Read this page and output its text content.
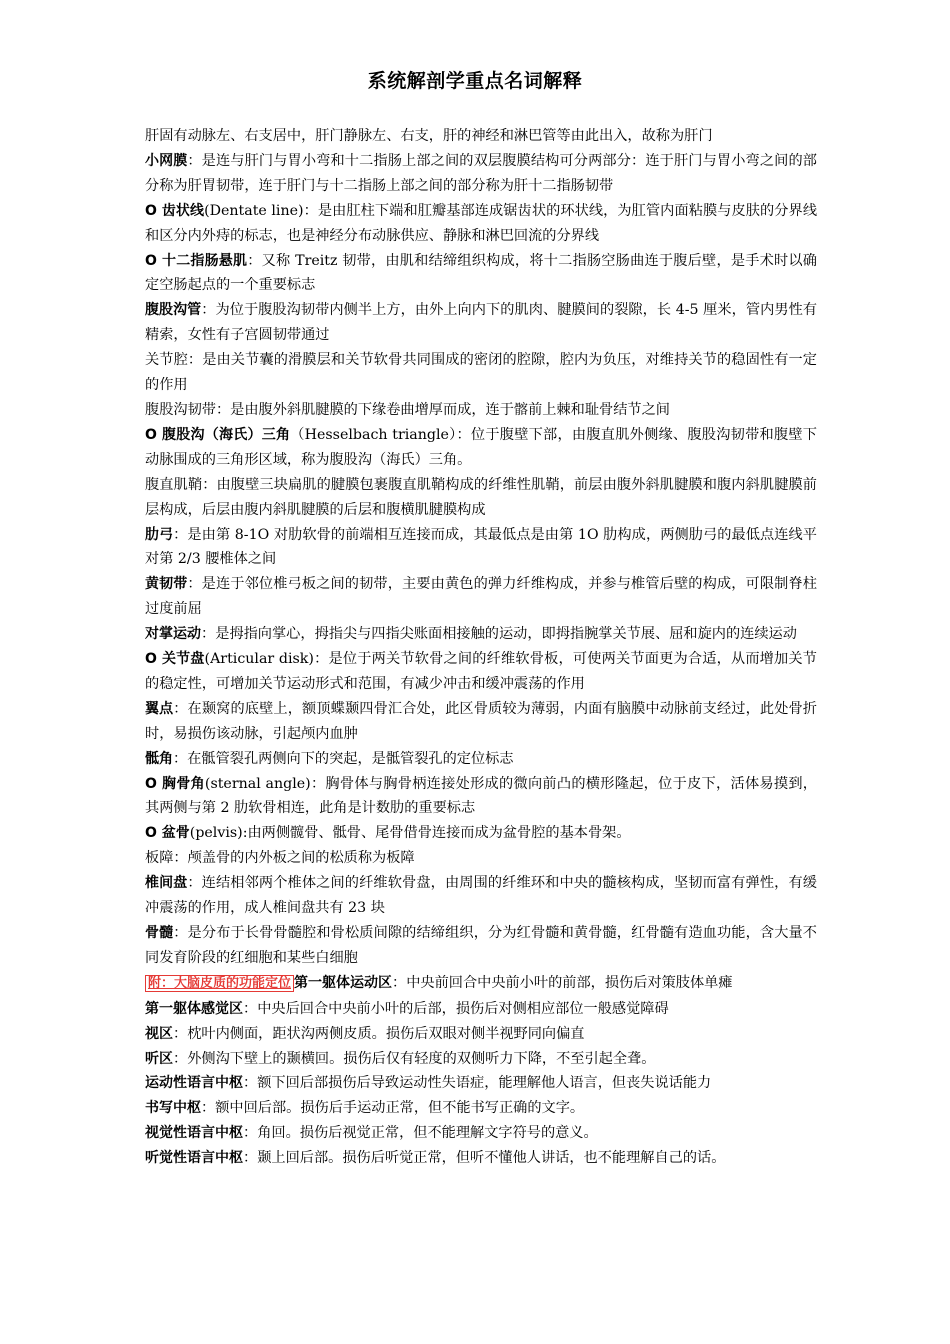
系统解剖学重点名词解释

肝固有动脉左、右支居中，肝门静脉左、右支，肝的神经和淋巴管等由此出入，故称为肝门

小网膜：是连与肝门与胃小弯和十二指肠上部之间的双层腹膜结构可分两部分：连于肝门与胃小弯之间的部分称为肝胃韧带，连于肝门与十二指肠上部之间的部分称为肝十二指肠韧带

O 齿状线(Dentate line)：是由肛柱下端和肛瓣基部连成锯齿状的环状线，为肛管内面粘膜与皮肤的分界线和区分内外痔的标志，也是神经分布动脉供应、静脉和淋巴回流的分界线

O 十二指肠悬肌：又称 Treitz 韧带，由肌和结缔组织构成，将十二指肠空肠曲连于腹后壁，是手术时以确定空肠起点的一个重要标志

腹股沟管：为位于腹股沟韧带内侧半上方，由外上向内下的肌肉、腱膜间的裂隙，长 4-5 厘米，管内男性有精索，女性有子宫圆韧带通过

关节腔：是由关节囊的滑膜层和关节软骨共同围成的密闭的腔隙，腔内为负压，对维持关节的稳固性有一定的作用

腹股沟韧带：是由腹外斜肌腱膜的下缘卷曲增厚而成，连于髂前上棘和耻骨结节之间

O 腹股沟（海氏）三角（Hesselbach triangle）：位于腹壁下部，由腹直肌外侧缘、腹股沟韧带和腹壁下动脉围成的三角形区域，称为腹股沟（海氏）三角。

腹直肌鞘：由腹壁三块扁肌的腱膜包裹腹直肌鞘构成的纤维性肌鞘，前层由腹外斜肌腱膜和腹内斜肌腱膜前层构成，后层由腹内斜肌腱膜的后层和腹横肌腱膜构成

肋弓：是由第 8-1O 对肋软骨的前端相互连接而成，其最低点是由第 1O 肋构成，两侧肋弓的最低点连线平对第 2/3 腰椎体之间

黄韧带：是连于邻位椎弓板之间的韧带，主要由黄色的弹力纤维构成，并参与椎管后壁的构成，可限制脊柱过度前屈

对掌运动：是拇指向掌心，拇指尖与四指尖账面相接触的运动，即拇指腕掌关节展、屈和旋内的连续运动

O 关节盘(Articular disk)：是位于两关节软骨之间的纤维软骨板，可使两关节面更为合适，从而增加关节的稳定性，可增加关节运动形式和范围，有减少冲击和缓冲震荡的作用

翼点：在颞窝的底壁上，额顶蝶颞四骨汇合处，此区骨质较为薄弱，内面有脑膜中动脉前支经过，此处骨折时，易损伤该动脉，引起颅内血肿

骶角：在骶管裂孔两侧向下的突起，是骶管裂孔的定位标志

O 胸骨角(sternal angle)：胸骨体与胸骨柄连接处形成的微向前凸的横形隆起，位于皮下，活体易摸到，其两侧与第 2 肋软骨相连，此角是计数肋的重要标志

O 盆骨(pelvis):由两侧髋骨、骶骨、尾骨借骨连接而成为盆骨腔的基本骨架。

板障：颅盖骨的内外板之间的松质称为板障

椎间盘：连结相邻两个椎体之间的纤维软骨盘，由周围的纤维环和中央的髓核构成，坚韧而富有弹性，有缓冲震荡的作用，成人椎间盘共有 23 块

骨髓：是分布于长骨骨髓腔和骨松质间隙的结缔组织，分为红骨髓和黄骨髓，红骨髓有造血功能，含大量不同发育阶段的红细胞和某些白细胞

附：大脑皮质的功能定位 第一躯体运动区：中央前回合中央前小叶的前部，损伤后对策肢体单瘫

第一躯体感觉区：中央后回合中央前小叶的后部，损伤后对侧相应部位一般感觉障碍

视区：枕叶内侧面，距状沟两侧皮质。损伤后双眼对侧半视野同向偏直

听区：外侧沟下壁上的颞横回。损伤后仅有轻度的双侧听力下降，不至引起全聋。

运动性语言中枢：额下回后部损伤后导致运动性失语症，能理解他人语言，但丧失说话能力

书写中枢：额中回后部。损伤后手运动正常，但不能书写正确的文字。

视觉性语言中枢：角回。损伤后视觉正常，但不能理解文字符号的意义。

听觉性语言中枢：颞上回后部。损伤后听觉正常，但听不懂他人讲话，也不能理解自己的话。
